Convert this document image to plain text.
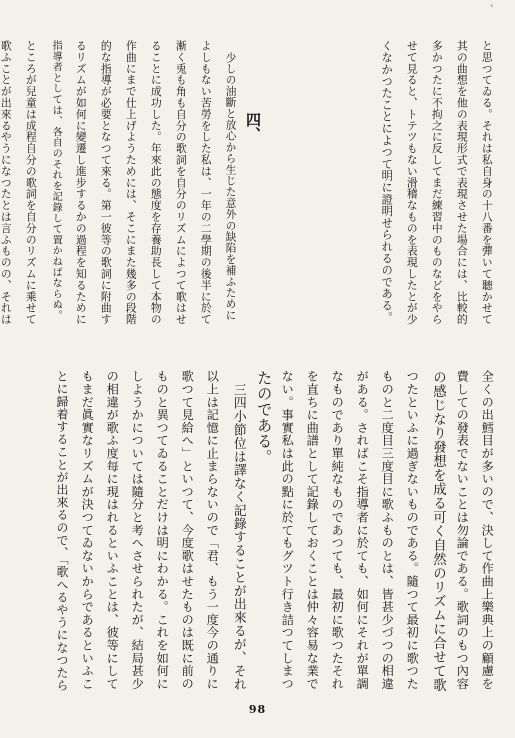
°
と思つてゐる。それは私自身の十八番を彈いて聽かせて
其の曲想を他の表現形式で表現させた場合には、比較的
多かつたに不拘之に反してまだ練習中のものなどをやら
せて見ると、トテツもない滑稽なものを表現したとが少
くなかつたことによつて明に證明せられるのである。
四、
少しの油斷と放心から生じた意外の缺陷を補ふために
よしもない苦勞をした私は、一年の二學期の後半に於て
漸く兎も角も自分の歌詞を自分のリズムによつて歌はせ
ることに成功した。年來此の態度を存養助長して本物の
作曲にまで仕上げようためには、そこにまた幾多の段階
的な指導が必要となつて來る。第一彼等の歌詞に附曲す
るリズムが如何に變遷し進步するかの過程を知るために
指導者としては、各自のそれを記錄して置かねばならぬ。
ところが兒童は成程自分の歌詞を自分のリズムに乘せて
歌ふことが出來るやうになつたとは言ふものの、それは
全くの出鱈目が多いので、決して作曲上樂典上の顧慮を
費しての發表でないことは勿論である。歌詞のもつ內容
の感じなり發想を成る可く自然のリズムに合せて歌
つたといふに過ぎないものである。隨つて最初に歌つた
ものと二度目三度目に歌ふものとは、皆甚少づつの相違
がある。さればこそ指導者に於ても、如何にそれが單調
なものであり單純なものであつても、最初に歌つたそれ
を直ちに曲譜として記錄しておくことは仲々容易な業で
ない。事實私は此の點に於てもグツト行き詰つてしまつ
たのである。
三四小節位は譯なく記錄することが出來るが、それ
以上は記憶に止まらないので「君、もう一度今の通りに
歌つて見給へ」といつて、今度歌はせたものは既に前の
ものと異つてゐることだけは明にわかる。これを如何に
しようかについては隨分と考へさせられたが、結局甚少
の相違が歌ふ度每に現はれるといふことは、彼等にして
もまだ眞實なリズムが決つてゐないからであるといふこ
とに歸着することが出來るので、「歌へるやうになつたら
98
